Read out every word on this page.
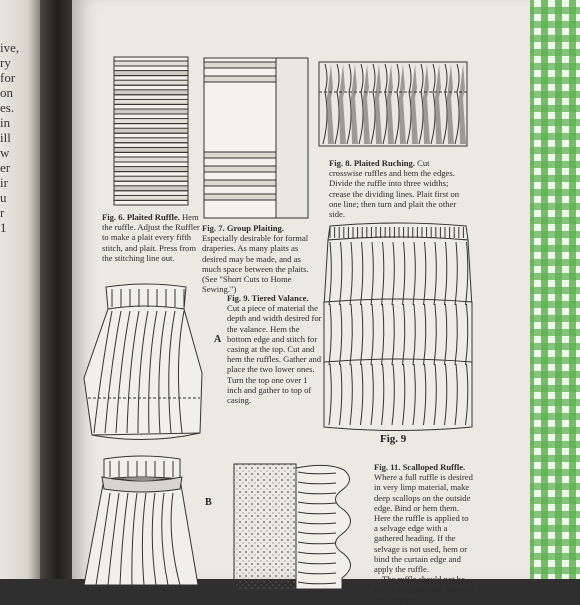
ive,
ry
for
on
es.
in
ill
w
er
ir
u
r
1
Fig. 6. Plaited Ruffle. Hem the ruffle. Adjust the Ruffler to make a plait every fifth stitch, and plait. Press from the stitching line out.
Fig. 7. Group Plaiting. Especially desirable for formal draperies. As many plaits as desired may be made, and as much space between the plaits. (See "Short Cuts to Home Sewing.")
Fig. 8. Plaited Ruching. Cut crosswise ruffles and hem the edges. Divide the ruffle into three widths; crease the dividing lines. Plait first on one line; then turn and plait the other side.
A
Fig. 9. Tiered Valance. Cut a piece of material the depth and width desired for the valance. Hem the bottom edge and stitch for casing at the top. Cut and hem the ruffles. Gather and place the two lower ones. Turn the top one over 1 inch and gather to top of casing.
Fig. 9
B
Fig. 11. Scalloped Ruffle. Where a full ruffle is desired in very limp material, make deep scallops on the outside edge. Bind or hem them. Here the ruffle is applied to a selvage edge with a gathered heading. If the selvage is not used, hem or bind the curtain edge and apply the ruffle.
The ruffle should not be so full as to lose the shape of the scallops. In
